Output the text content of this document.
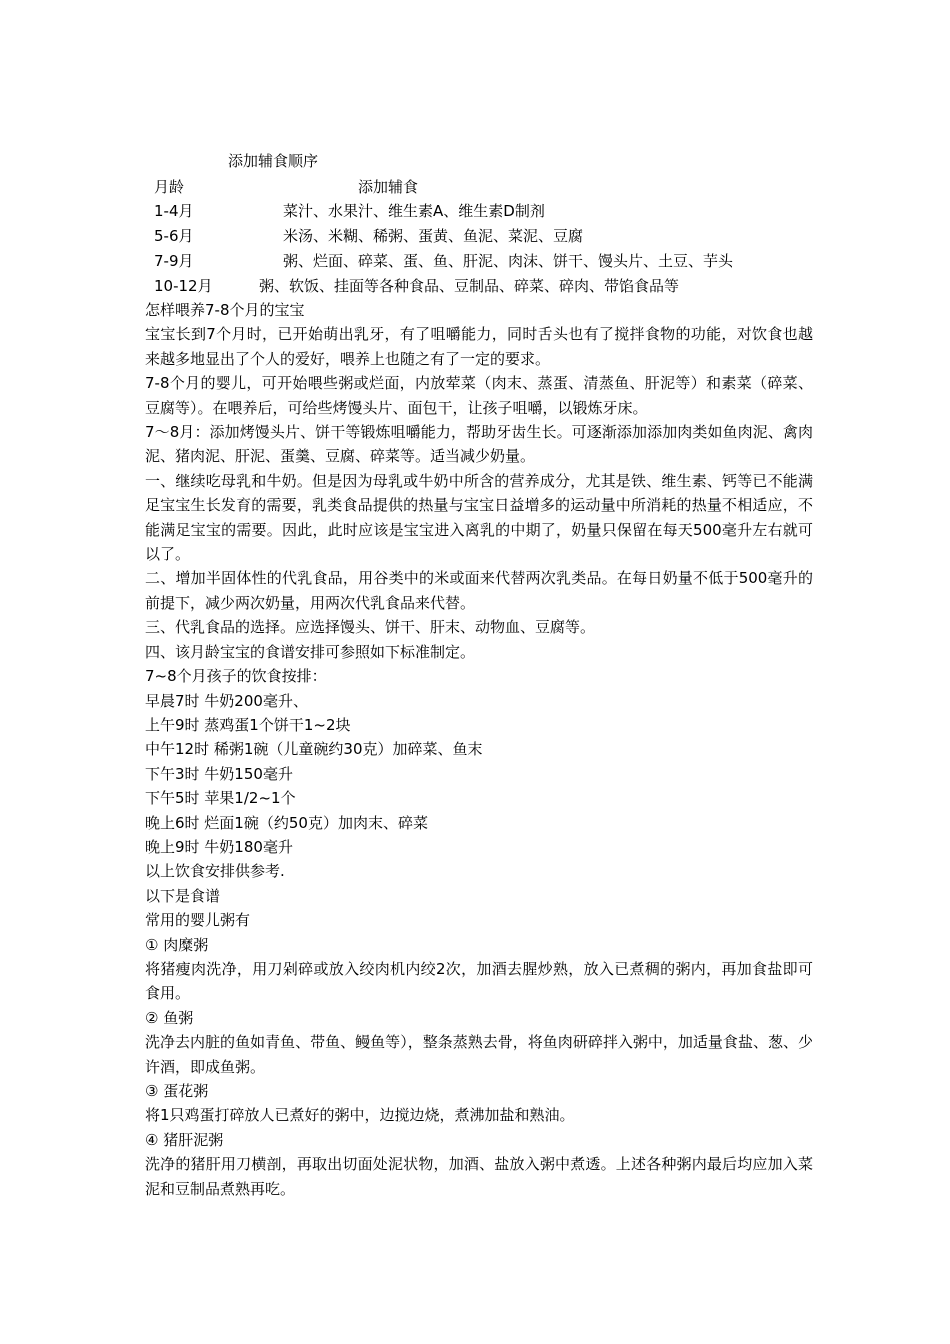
添加辅食顺序
月龄	添加辅食
1-4月	菜汁、水果汁、维生素A、维生素D制剂
5-6月	米汤、米糊、稀粥、蛋黄、鱼泥、菜泥、豆腐
7-9月	粥、烂面、碎菜、蛋、鱼、肝泥、肉沫、饼干、馒头片、土豆、芋头
10-12月	粥、软饭、挂面等各种食品、豆制品、碎菜、碎肉、带馅食品等

怎样喂养7-8个月的宝宝

宝宝长到7个月时，已开始萌出乳牙，有了咀嚼能力，同时舌头也有了搅拌食物的功能，对饮食也越来越多地显出了个人的爱好，喂养上也随之有了一定的要求。

7-8个月的婴儿，可开始喂些粥或烂面，内放荤菜（肉末、蒸蛋、清蒸鱼、肝泥等）和素菜（碎菜、豆腐等）。在喂养后，可给些烤馒头片、面包干，让孩子咀嚼，以锻炼牙床。

7～8月：添加烤馒头片、饼干等锻炼咀嚼能力，帮助牙齿生长。可逐渐添加添加肉类如鱼肉泥、禽肉泥、猪肉泥、肝泥、蛋羹、豆腐、碎菜等。适当减少奶量。

一、继续吃母乳和牛奶。但是因为母乳或牛奶中所含的营养成分，尤其是铁、维生素、钙等已不能满足宝宝生长发育的需要，乳类食品提供的热量与宝宝日益增多的运动量中所消耗的热量不相适应，不能满足宝宝的需要。因此，此时应该是宝宝进入离乳的中期了，奶量只保留在每天500毫升左右就可以了。

二、增加半固体性的代乳食品，用谷类中的米或面来代替两次乳类品。在每日奶量不低于500毫升的前提下，减少两次奶量，用两次代乳食品来代替。

三、代乳食品的选择。应选择馒头、饼干、肝末、动物血、豆腐等。

四、该月龄宝宝的食谱安排可参照如下标准制定。

7~8个月孩子的饮食按排：

早晨7时 牛奶200毫升、

上午9时 蒸鸡蛋1个饼干1~2块

中午12时 稀粥1碗（儿童碗约30克）加碎菜、鱼末

下午3时 牛奶150毫升

下午5时 苹果1/2~1个

晚上6时 烂面1碗（约50克）加肉末、碎菜

晚上9时 牛奶180毫升

以上饮食安排供参考.

以下是食谱

常用的婴儿粥有

① 肉糜粥

将猪瘦肉洗净，用刀剁碎或放入绞肉机内绞2次，加酒去腥炒熟，放入已煮稠的粥内，再加食盐即可食用。

② 鱼粥

洗净去内脏的鱼如青鱼、带鱼、鳗鱼等），整条蒸熟去骨，将鱼肉研碎拌入粥中，加适量食盐、葱、少许酒，即成鱼粥。

③ 蛋花粥

将1只鸡蛋打碎放人已煮好的粥中，边搅边烧，煮沸加盐和熟油。

④ 猪肝泥粥

洗净的猪肝用刀横剖，再取出切面处泥状物，加酒、盐放入粥中煮透。上述各种粥内最后均应加入菜泥和豆制品煮熟再吃。
